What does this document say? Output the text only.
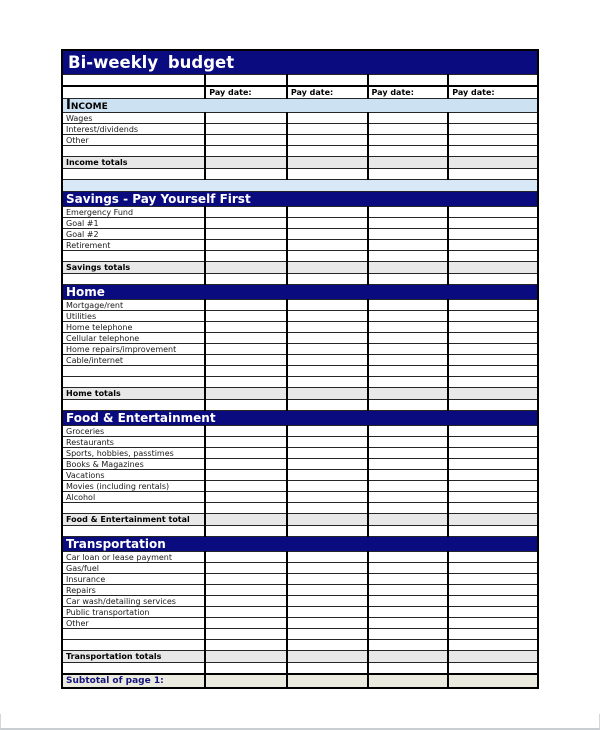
Bi-weekly budget				

	Pay date:	Pay date:	Pay date:	Pay date:
Income				
Wages				
Interest/dividends				
Other				

Income totals				

Savings - Pay Yourself First				
Emergency Fund				
Goal #1				
Goal #2				
Retirement				

Savings totals				

Home				
Mortgage/rent				
Utilities				
Home telephone				
Cellular telephone				
Home repairs/improvement				
Cable/internet				

Home totals				

Food & Entertainment				
Groceries				
Restaurants				
Sports, hobbies, passtimes				
Books & Magazines				
Vacations				
Movies (including rentals)				
Alcohol				

Food & Entertainment total				

Transportation				
Car loan or lease payment				
Gas/fuel				
Insurance				
Repairs				
Car wash/detailing services				
Public transportation				
Other				

Transportation totals				

Subtotal of page 1:				
